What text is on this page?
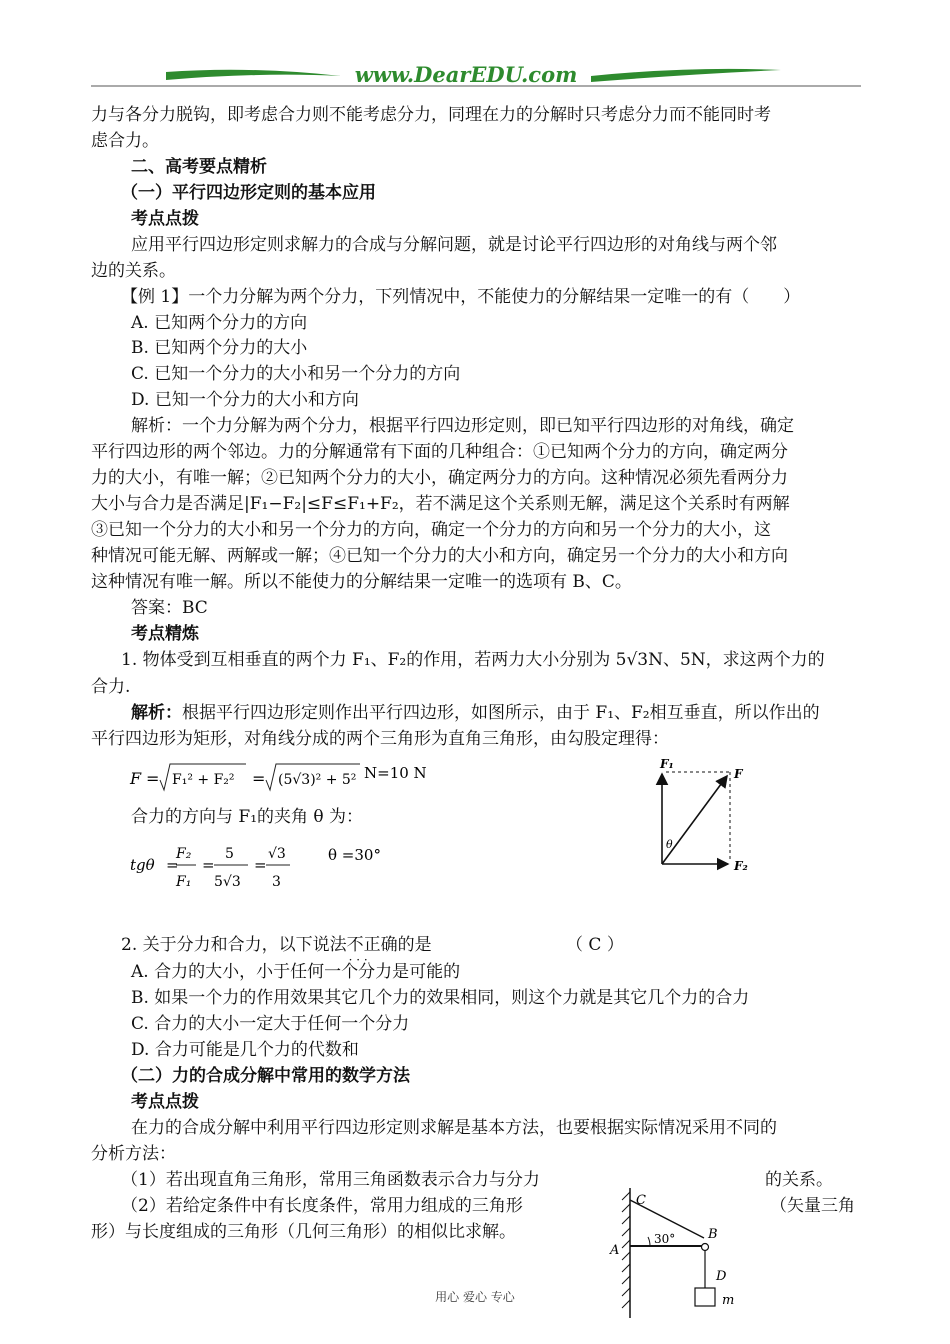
www.DearEDU.com
力与各分力脱钩，即考虑合力则不能考虑分力，同理在力的分解时只考虑分力而不能同时考
虑合力。
二、高考要点精析
（一）平行四边形定则的基本应用
考点点拨
应用平行四边形定则求解力的合成与分解问题，就是讨论平行四边形的对角线与两个邻
边的关系。
【例 1】一个力分解为两个分力，下列情况中，不能使力的分解结果一定唯一的有（　　）
A. 已知两个分力的方向
B. 已知两个分力的大小
C. 已知一个分力的大小和另一个分力的方向
D. 已知一个分力的大小和方向
解析：一个力分解为两个分力，根据平行四边形定则，即已知平行四边形的对角线，确定
平行四边形的两个邻边。力的分解通常有下面的几种组合：①已知两个分力的方向，确定两分
力的大小，有唯一解；②已知两个分力的大小，确定两分力的方向。这种情况必须先看两分力
大小与合力是否满足|F₁−F₂|≤F≤F₁+F₂，若不满足这个关系则无解，满足这个关系时有两解
③已知一个分力的大小和另一个分力的方向，确定一个分力的方向和另一个分力的大小，这
种情况可能无解、两解或一解；④已知一个分力的大小和方向，确定另一个分力的大小和方向
这种情况有唯一解。所以不能使力的分解结果一定唯一的选项有 B、C。
答案：BC
考点精炼
1. 物体受到互相垂直的两个力 F₁、F₂的作用，若两力大小分别为 5√3N、5N，求这两个力的
合力.
解析：根据平行四边形定则作出平行四边形，如图所示，由于 F₁、F₂相互垂直，所以作出的
平行四边形为矩形，对角线分成的两个三角形为直角三角形，由勾股定理得：
F = F₁² + F₂² = (5√3)² + 5² N=10 N
合力的方向与 F₁的夹角 θ 为：
tgθ =
F₂
F₁
=
5
5√3
=
√3
3
θ =30°
F₁
F
F₂
θ
2. 关于分力和合力，以下说法不正确 · · ·的是	（ C ）
A. 合力的大小，小于任何一个分力是可能的
B. 如果一个力的作用效果其它几个力的效果相同，则这个力就是其它几个力的合力
C. 合力的大小一定大于任何一个分力
D. 合力可能是几个力的代数和
（二）力的合成分解中常用的数学方法
考点点拨
在力的合成分解中利用平行四边形定则求解是基本方法，也要根据实际情况采用不同的
分析方法：
（1）若出现直角三角形，常用三角函数表示合力与分力	的关系。
（2）若给定条件中有长度条件，常用力组成的三角形	（矢量三角
形）与长度组成的三角形（几何三角形）的相似比求解。
C
B
A
D
m
30°
用心 爱心 专心
